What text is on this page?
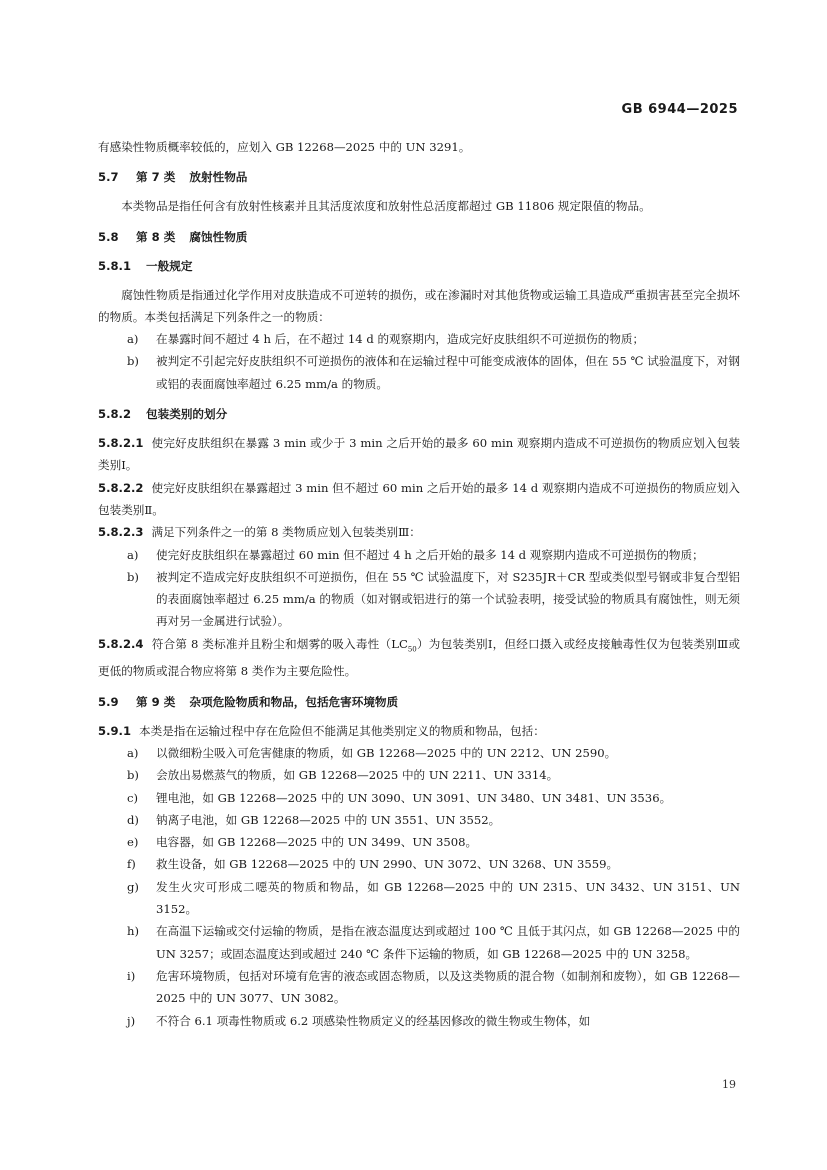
GB 6944—2025

有感染性物质概率较低的，应划入 GB 12268—2025 中的 UN 3291。

5.7 第 7 类 放射性物品

本类物品是指任何含有放射性核素并且其活度浓度和放射性总活度都超过 GB 11806 规定限值的物品。

5.8 第 8 类 腐蚀性物质
5.8.1 一般规定

腐蚀性物质是指通过化学作用对皮肤造成不可逆转的损伤，或在渗漏时对其他货物或运输工具造成严重损害甚至完全损坏的物质。本类包括满足下列条件之一的物质：

a)	在暴露时间不超过 4 h 后，在不超过 14 d 的观察期内，造成完好皮肤组织不可逆损伤的物质；
b)	被判定不引起完好皮肤组织不可逆损伤的液体和在运输过程中可能变成液体的固体，但在 55 ℃ 试验温度下，对钢或铝的表面腐蚀率超过 6.25 mm/a 的物质。
5.8.2 包装类别的划分

5.8.2.1 使完好皮肤组织在暴露 3 min 或少于 3 min 之后开始的最多 60 min 观察期内造成不可逆损伤的物质应划入包装类别Ⅰ。

5.8.2.2 使完好皮肤组织在暴露超过 3 min 但不超过 60 min 之后开始的最多 14 d 观察期内造成不可逆损伤的物质应划入包装类别Ⅱ。

5.8.2.3 满足下列条件之一的第 8 类物质应划入包装类别Ⅲ：

a)	使完好皮肤组织在暴露超过 60 min 但不超过 4 h 之后开始的最多 14 d 观察期内造成不可逆损伤的物质；
b)	被判定不造成完好皮肤组织不可逆损伤，但在 55 ℃ 试验温度下，对 S235JR＋CR 型或类似型号钢或非复合型铝的表面腐蚀率超过 6.25 mm/a 的物质（如对钢或铝进行的第一个试验表明，接受试验的物质具有腐蚀性，则无须再对另一金属进行试验）。

5.8.2.4 符合第 8 类标准并且粉尘和烟雾的吸入毒性$(LC_{50})$为包装类别Ⅰ，但经口摄入或经皮接触毒性仅为包装类别Ⅲ或更低的物质或混合物应将第 8 类作为主要危险性。

5.9 第 9 类 杂项危险物质和物品，包括危害环境物质

5.9.1 本类是指在运输过程中存在危险但不能满足其他类别定义的物质和物品，包括：

a)	以微细粉尘吸入可危害健康的物质，如 GB 12268—2025 中的 UN 2212、UN 2590。
b)	会放出易燃蒸气的物质，如 GB 12268—2025 中的 UN 2211、UN 3314。
c)	锂电池，如 GB 12268—2025 中的 UN 3090、UN 3091、UN 3480、UN 3481、UN 3536。
d)	钠离子电池，如 GB 12268—2025 中的 UN 3551、UN 3552。
e)	电容器，如 GB 12268—2025 中的 UN 3499、UN 3508。
f)	救生设备，如 GB 12268—2025 中的 UN 2990、UN 3072、UN 3268、UN 3559。
g)	发生火灾可形成二噁英的物质和物品，如 GB 12268—2025 中的 UN 2315、UN 3432、UN 3151、UN 3152。
h)	在高温下运输或交付运输的物质，是指在液态温度达到或超过 100 ℃ 且低于其闪点，如 GB 12268—2025 中的 UN 3257；或固态温度达到或超过 240 ℃ 条件下运输的物质，如 GB 12268—2025 中的 UN 3258。
i)	危害环境物质，包括对环境有危害的液态或固态物质，以及这类物质的混合物（如制剂和废物），如 GB 12268—2025 中的 UN 3077、UN 3082。
j)	不符合 6.1 项毒性物质或 6.2 项感染性物质定义的经基因修改的微生物或生物体，如
19
